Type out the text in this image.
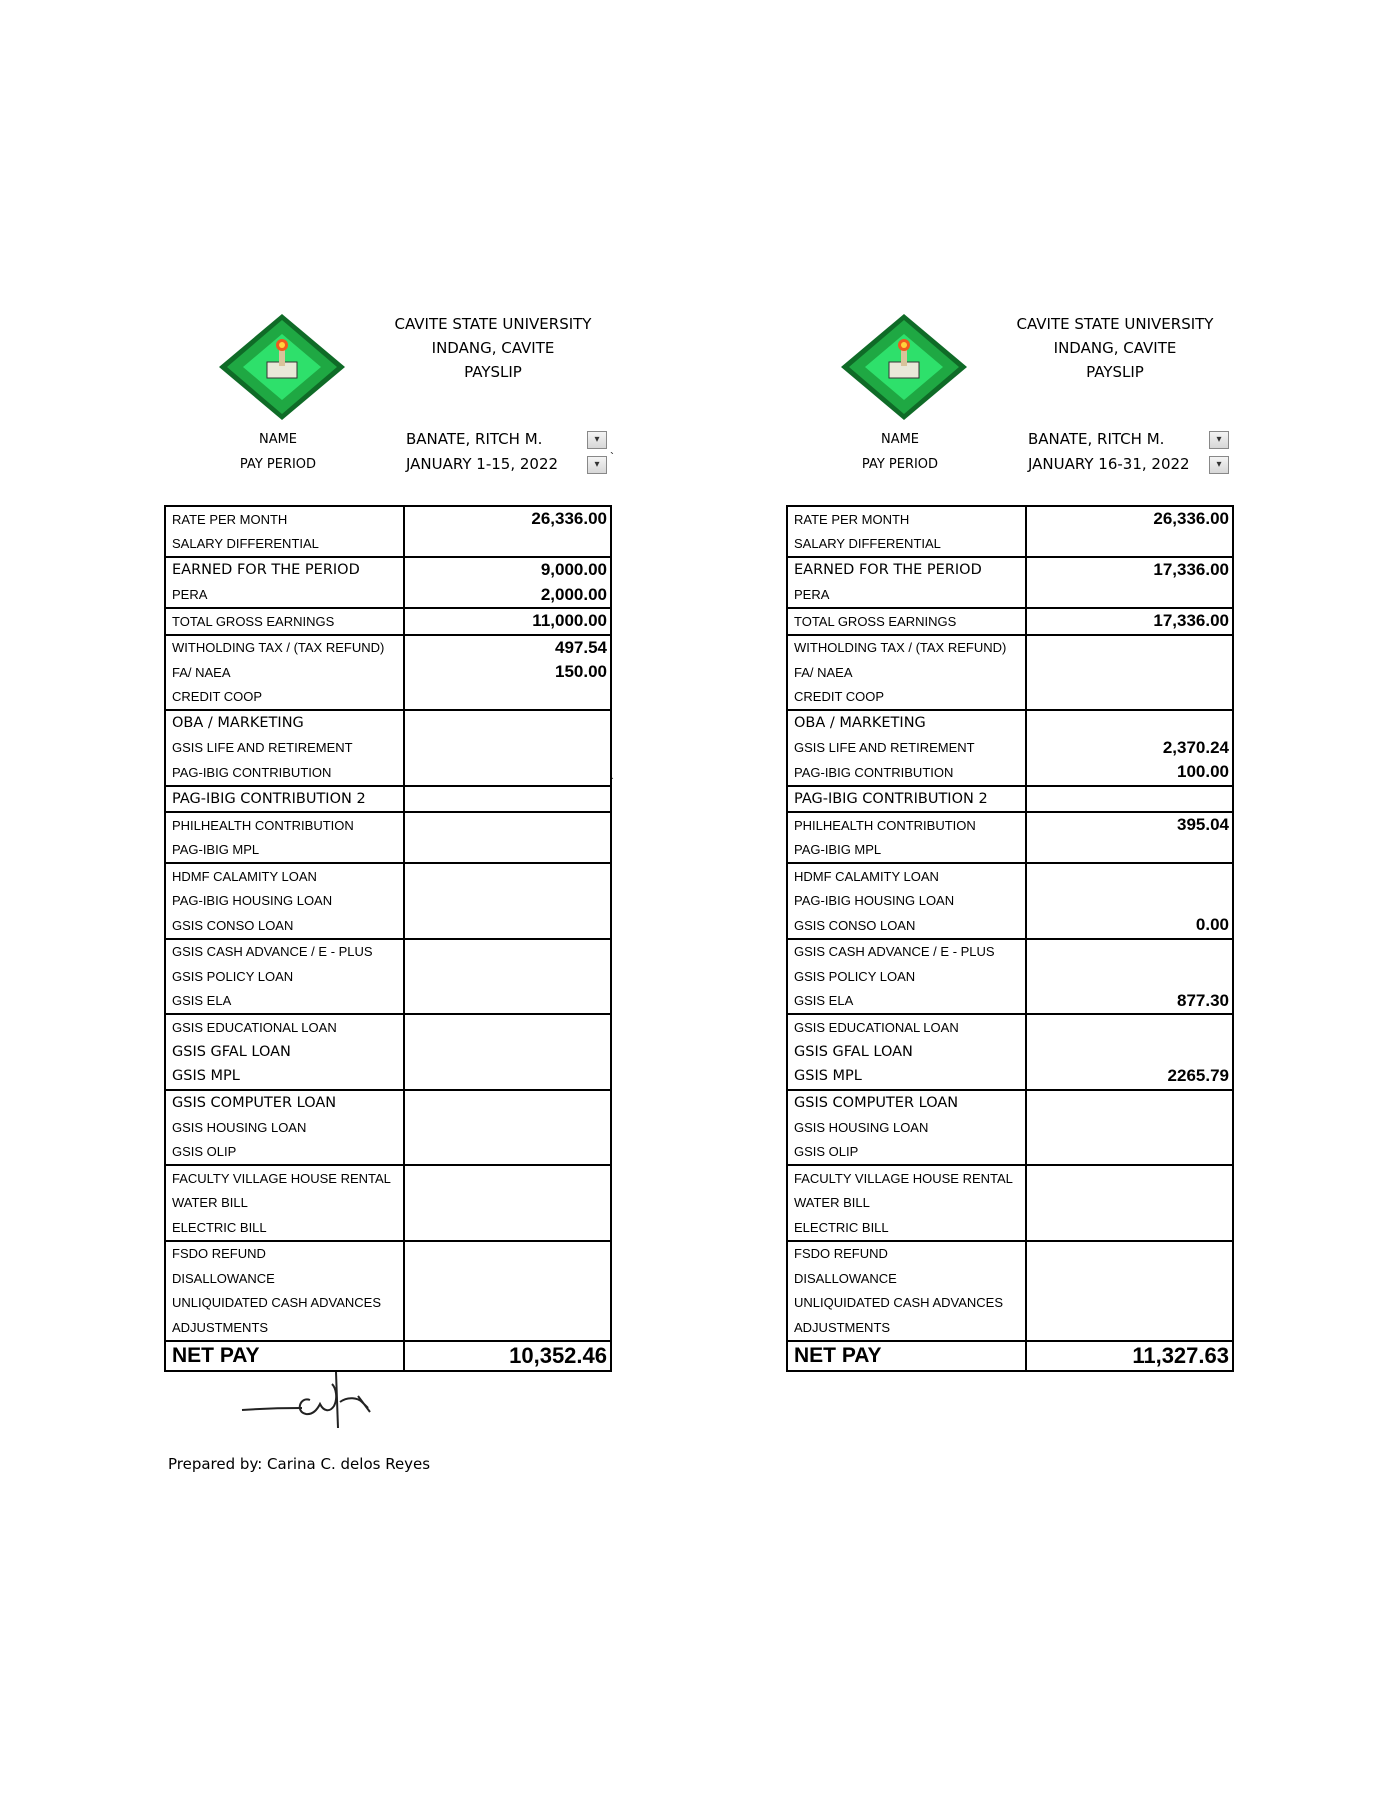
CAVITE STATE UNIVERSITY
INDANG, CAVITE
PAYSLIP
NAME	BANATE, RITCH M.	▾
PAY PERIOD	JANUARY 1-15, 2022	▾
`
`
RATE PER MONTH	26,336.00
SALARY DIFFERENTIAL	
EARNED FOR THE PERIOD	9,000.00
PERA	2,000.00
TOTAL GROSS EARNINGS	11,000.00
WITHOLDING TAX / (TAX REFUND)	497.54
FA/ NAEA	150.00
CREDIT COOP	
OBA / MARKETING	
GSIS LIFE AND RETIREMENT	
PAG-IBIG CONTRIBUTION	
PAG-IBIG CONTRIBUTION 2	
PHILHEALTH CONTRIBUTION	
PAG-IBIG MPL	
HDMF CALAMITY LOAN	
PAG-IBIG HOUSING LOAN	
GSIS CONSO LOAN	
GSIS CASH ADVANCE / E - PLUS	
GSIS POLICY LOAN	
GSIS ELA	
GSIS EDUCATIONAL LOAN	
GSIS GFAL LOAN	
GSIS MPL	
GSIS COMPUTER LOAN	
GSIS HOUSING LOAN	
GSIS OLIP	
FACULTY VILLAGE HOUSE RENTAL	
WATER BILL	
ELECTRIC BILL	
FSDO REFUND	
DISALLOWANCE	
UNLIQUIDATED CASH ADVANCES	
ADJUSTMENTS	
NET PAY	10,352.46
CAVITE STATE UNIVERSITY
INDANG, CAVITE
PAYSLIP
NAME	BANATE, RITCH M.	▾
PAY PERIOD	JANUARY 16-31, 2022	▾
RATE PER MONTH	26,336.00
SALARY DIFFERENTIAL	
EARNED FOR THE PERIOD	17,336.00
PERA	
TOTAL GROSS EARNINGS	17,336.00
WITHOLDING TAX / (TAX REFUND)	
FA/ NAEA	
CREDIT COOP	
OBA / MARKETING	
GSIS LIFE AND RETIREMENT	2,370.24
PAG-IBIG CONTRIBUTION	100.00
PAG-IBIG CONTRIBUTION 2	
PHILHEALTH CONTRIBUTION	395.04
PAG-IBIG MPL	
HDMF CALAMITY LOAN	
PAG-IBIG HOUSING LOAN	
GSIS CONSO LOAN	0.00
GSIS CASH ADVANCE / E - PLUS	
GSIS POLICY LOAN	
GSIS ELA	877.30
GSIS EDUCATIONAL LOAN	
GSIS GFAL LOAN	
GSIS MPL	2265.79
GSIS COMPUTER LOAN	
GSIS HOUSING LOAN	
GSIS OLIP	
FACULTY VILLAGE HOUSE RENTAL	
WATER BILL	
ELECTRIC BILL	
FSDO REFUND	
DISALLOWANCE	
UNLIQUIDATED CASH ADVANCES	
ADJUSTMENTS	
NET PAY	11,327.63
Prepared by: Carina C. delos Reyes
